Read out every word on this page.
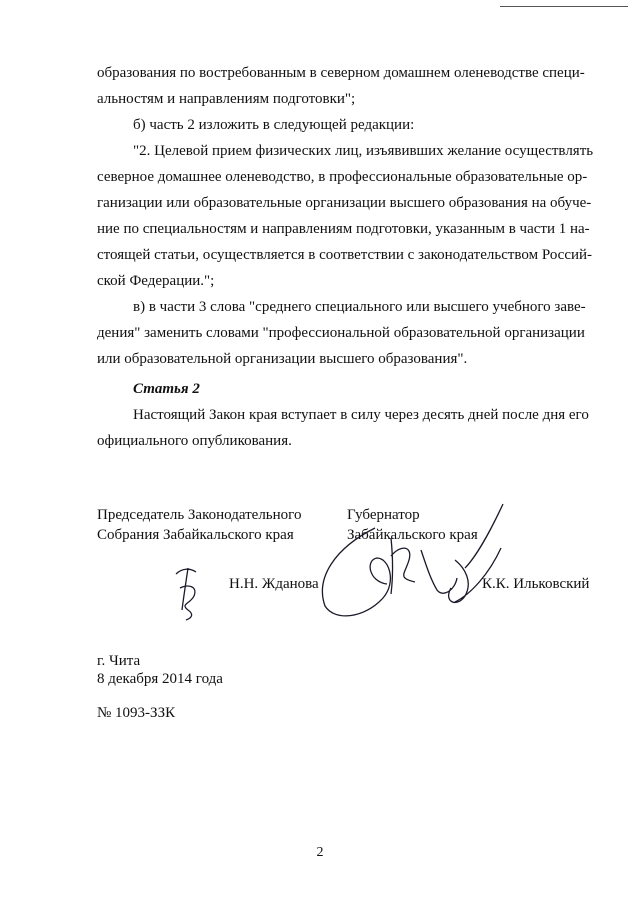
образования по востребованным в северном домашнем оленеводстве специ-
альностям и направлениям подготовки";
б) часть 2 изложить в следующей редакции:
"2. Целевой прием физических лиц, изъявивших желание осуществлять
северное домашнее оленеводство, в профессиональные образовательные ор-
ганизации или образовательные организации высшего образования на обуче-
ние по специальностям и направлениям подготовки, указанным в части 1 на-
стоящей статьи, осуществляется в соответствии с законодательством Россий-
ской Федерации.";
в) в части 3 слова "среднего специального или высшего учебного заве-
дения" заменить словами "профессиональной образовательной организации
или образовательной организации высшего образования".
Статья 2
Настоящий Закон края вступает в силу через десять дней после дня его
официального опубликования.
Председатель Законодательного
Собрания Забайкальского края
Губернатор
Забайкальского края
Н.Н. Жданова	К.К. Ильковский
г. Чита
8 декабря 2014 года
№ 1093-ЗЗК
2
